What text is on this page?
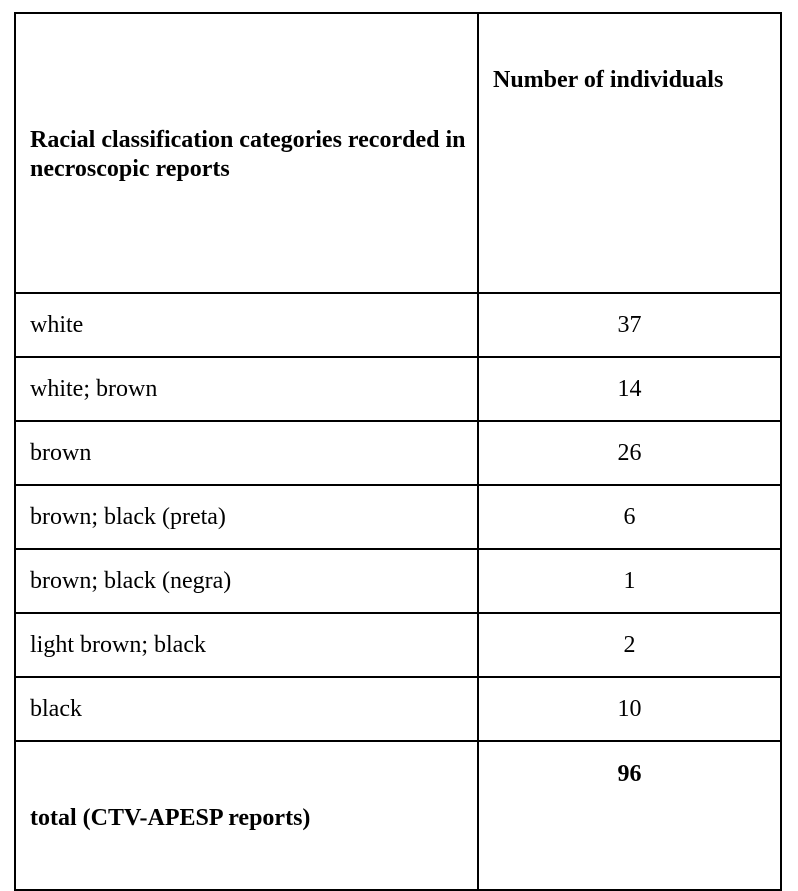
Racial classification categories recorded in necroscopic reports	Number of individuals
white	37
white; brown	14
brown	26
brown; black (preta)	6
brown; black (negra)	1
light brown; black	2
black	10
total (CTV-APESP reports)	96
